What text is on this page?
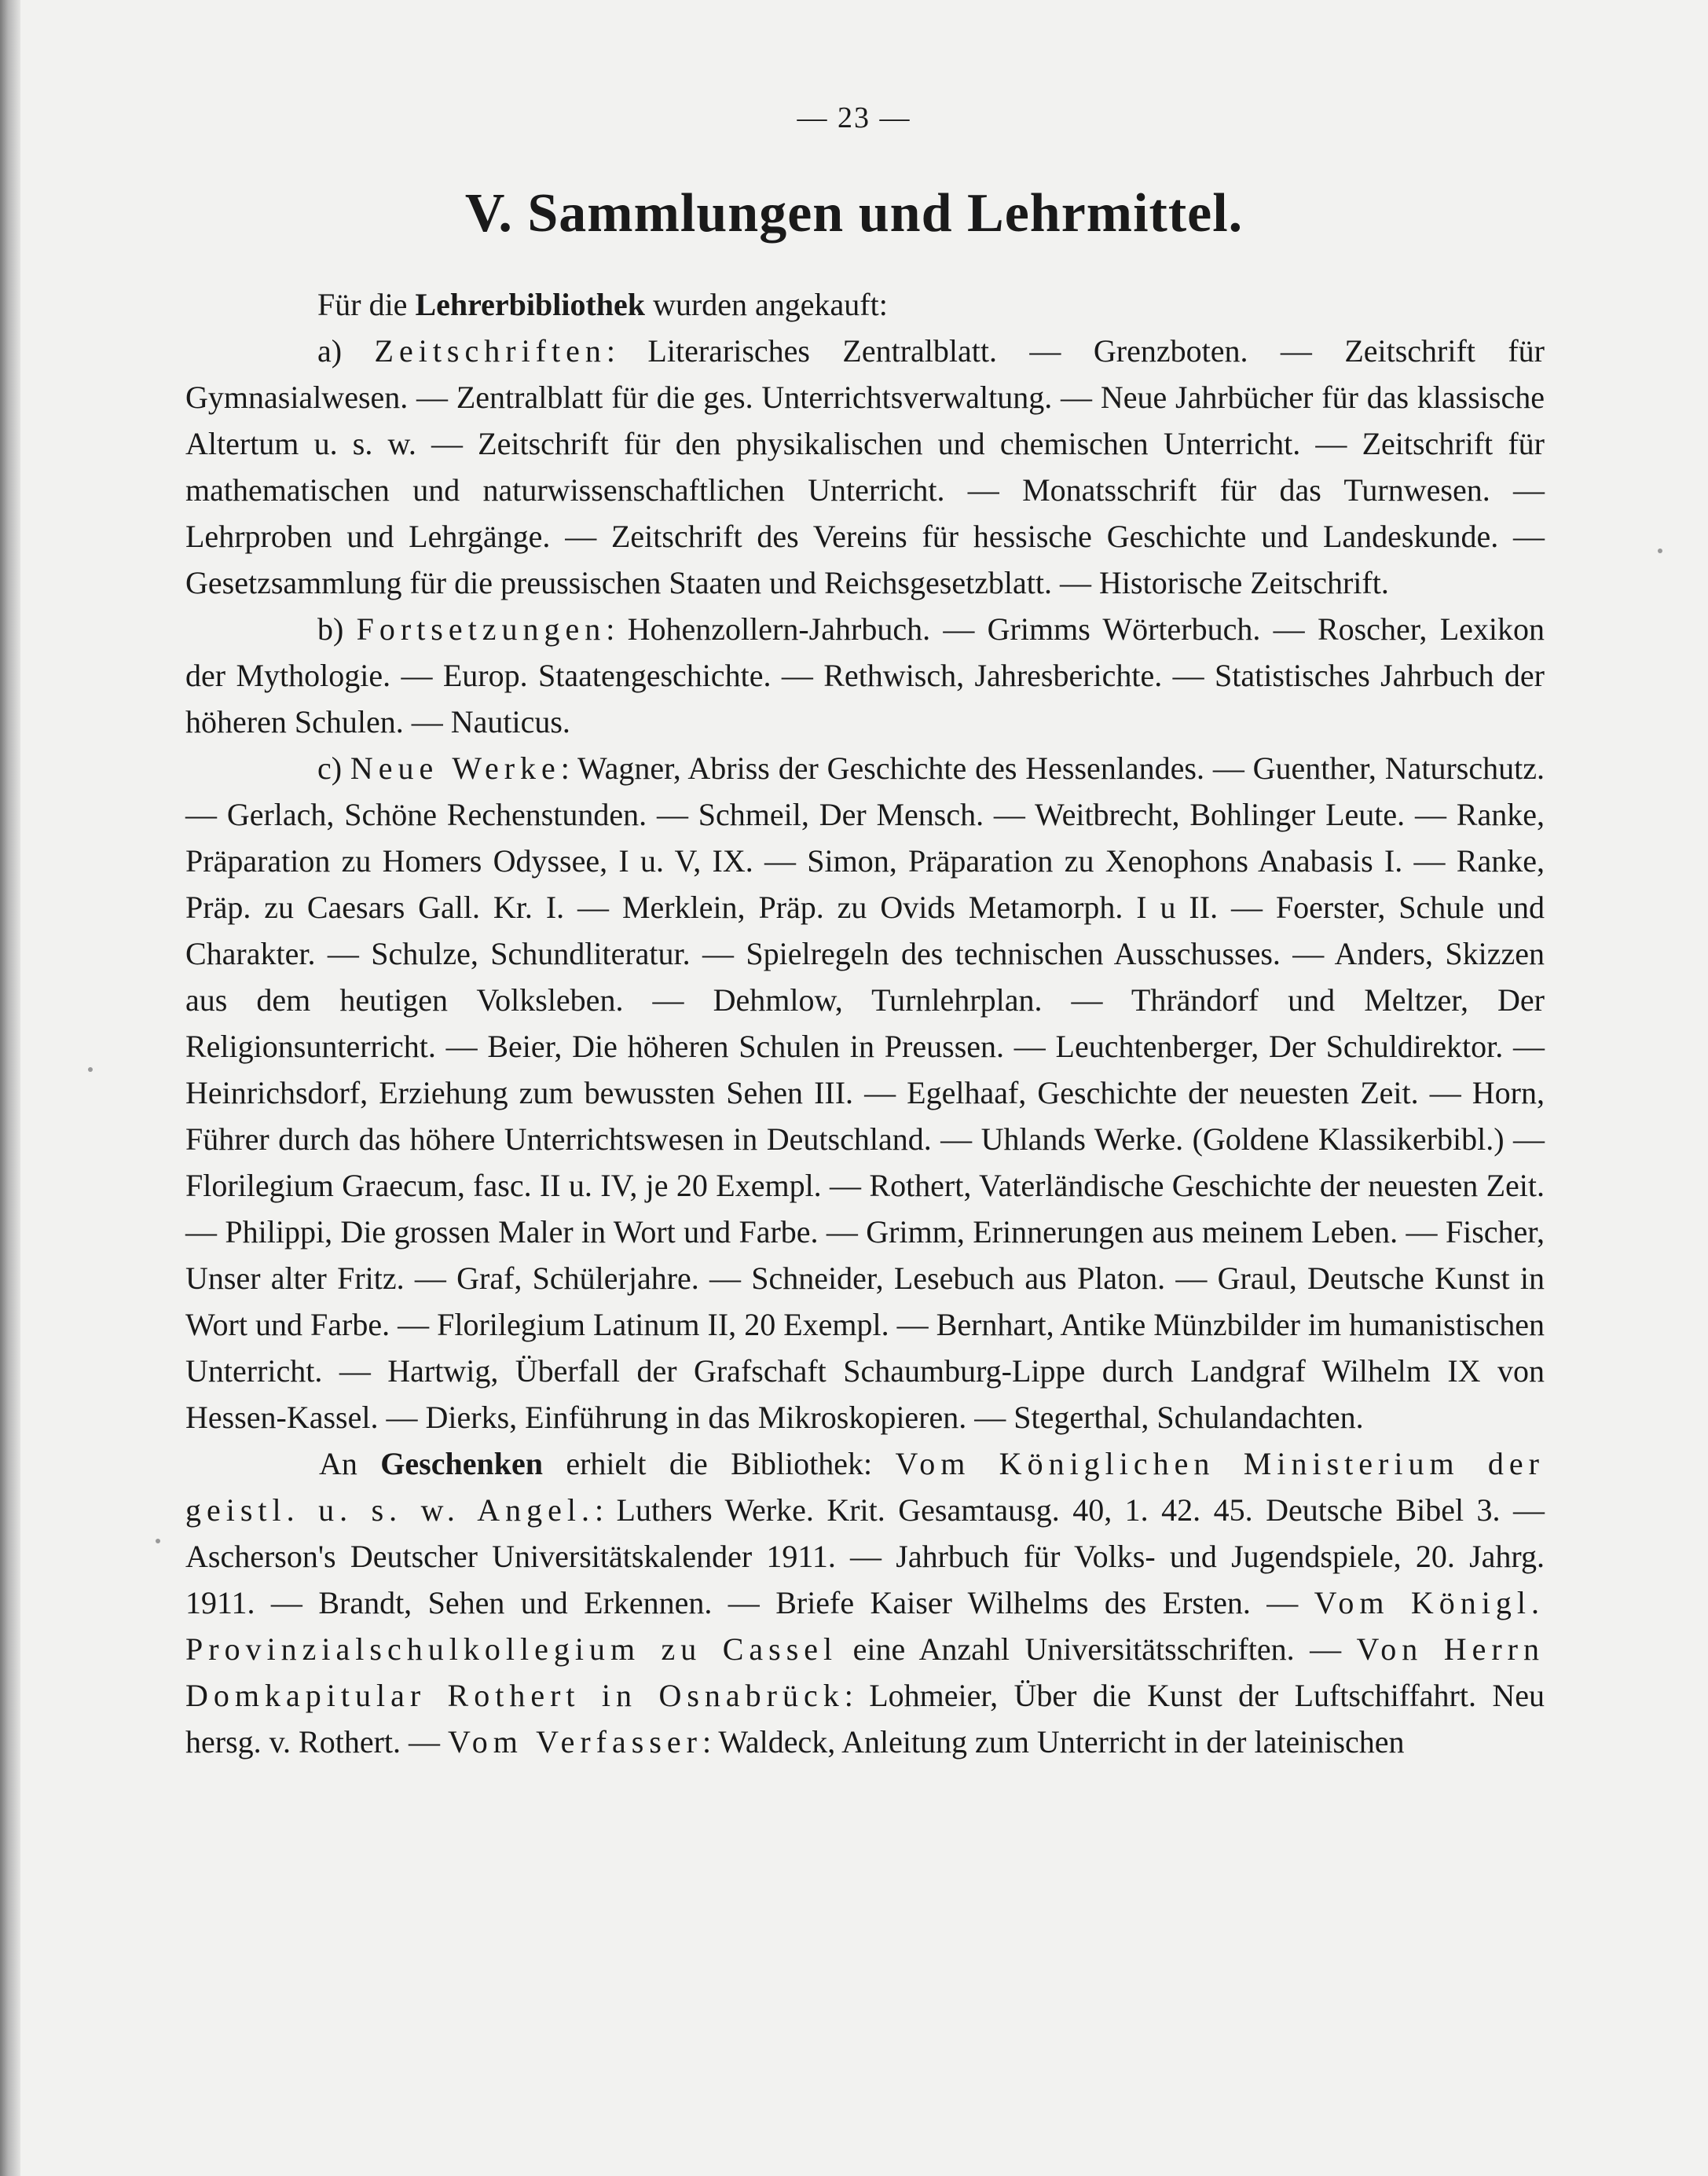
— 23 —
V. Sammlungen und Lehrmittel.

Für die Lehrerbibliothek wurden angekauft:

a) Zeitschriften: Literarisches Zentralblatt. — Grenzboten. — Zeitschrift für Gymnasialwesen. — Zentralblatt für die ges. Unterrichtsverwaltung. — Neue Jahrbücher für das klassische Altertum u. s. w. — Zeitschrift für den physikalischen und chemischen Unterricht. — Zeitschrift für mathematischen und naturwissenschaftlichen Unterricht. — Monatsschrift für das Turnwesen. — Lehrproben und Lehrgänge. — Zeitschrift des Vereins für hessische Geschichte und Landeskunde. — Gesetzsammlung für die preussischen Staaten und Reichsgesetzblatt. — Historische Zeitschrift.

b) Fortsetzungen: Hohenzollern-Jahrbuch. — Grimms Wörterbuch. — Roscher, Lexikon der Mythologie. — Europ. Staatengeschichte. — Rethwisch, Jahresberichte. — Statistisches Jahrbuch der höheren Schulen. — Nauticus.

c) Neue Werke: Wagner, Abriss der Geschichte des Hessenlandes. — Guenther, Naturschutz. — Gerlach, Schöne Rechenstunden. — Schmeil, Der Mensch. — Weitbrecht, Bohlinger Leute. — Ranke, Präparation zu Homers Odyssee, I u. V, IX. — Simon, Präparation zu Xenophons Anabasis I. — Ranke, Präp. zu Caesars Gall. Kr. I. — Merklein, Präp. zu Ovids Metamorph. I u II. — Foerster, Schule und Charakter. — Schulze, Schundliteratur. — Spielregeln des technischen Ausschusses. — Anders, Skizzen aus dem heutigen Volksleben. — Dehmlow, Turnlehrplan. — Thrändorf und Meltzer, Der Religionsunterricht. — Beier, Die höheren Schulen in Preussen. — Leuchtenberger, Der Schuldirektor. — Heinrichsdorf, Erziehung zum bewussten Sehen III. — Egelhaaf, Geschichte der neuesten Zeit. — Horn, Führer durch das höhere Unterrichtswesen in Deutschland. — Uhlands Werke. (Goldene Klassikerbibl.) — Florilegium Graecum, fasc. II u. IV, je 20 Exempl. — Rothert, Vaterländische Geschichte der neuesten Zeit. — Philippi, Die grossen Maler in Wort und Farbe. — Grimm, Erinnerungen aus meinem Leben. — Fischer, Unser alter Fritz. — Graf, Schülerjahre. — Schneider, Lesebuch aus Platon. — Graul, Deutsche Kunst in Wort und Farbe. — Florilegium Latinum II, 20 Exempl. — Bernhart, Antike Münzbilder im humanistischen Unterricht. — Hartwig, Überfall der Grafschaft Schaumburg-Lippe durch Landgraf Wilhelm IX von Hessen-Kassel. — Dierks, Einführung in das Mikroskopieren. — Stegerthal, Schulandachten.

An Geschenken erhielt die Bibliothek: Vom Königlichen Ministerium der geistl. u. s. w. Angel.: Luthers Werke. Krit. Gesamtausg. 40, 1. 42. 45. Deutsche Bibel 3. — Ascherson's Deutscher Universitätskalender 1911. — Jahrbuch für Volks- und Jugendspiele, 20. Jahrg. 1911. — Brandt, Sehen und Erkennen. — Briefe Kaiser Wilhelms des Ersten. — Vom Königl. Provinzialschulkollegium zu Cassel eine Anzahl Universitätsschriften. — Von Herrn Domkapitular Rothert in Osnabrück: Lohmeier, Über die Kunst der Luftschiffahrt. Neu hersg. v. Rothert. — Vom Verfasser: Waldeck, Anleitung zum Unterricht in der lateinischen
